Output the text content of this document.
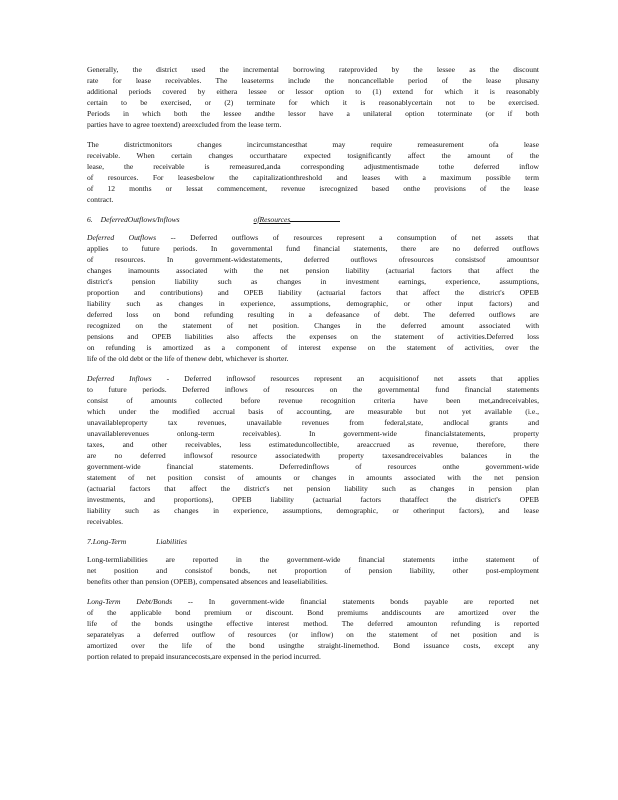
Generally, the district used the incremental borrowing rateprovided by the lessee as the discount
rate for lease receivables. The leaseterms include the noncancellable period of the lease plusany
additional periods covered by eithera lessee or lessor option to (1) extend for which it is reasonably
certain to be exercised, or (2) terminate for which it is reasonablycertain not to be exercised.
Periods in which both the lessee andthe lessor have a unilateral option toterminate (or if both
parties have to agree toextend) areexcluded from the lease term.
The districtmonitors changes incircumstancesthat may require remeasurement ofa lease
receivable. When certain changes occurthatare expected tosignificantly affect the amount of the
lease, the receivable is remeasured,anda corresponding adjustmentismade tothe deferred inflow
of resources. For leasesbelow the capitalizationthreshold and leases with a maximum possible term
of 12 months or lessat commencement, revenue isrecognized based onthe provisions of the lease
contract.
6. DeferredOutflows/Inflows	ofResources
Deferred Outflows -- Deferred outflows of resources represent a consumption of net assets that
applies to future periods. In governmental fund financial statements, there are no deferred outflows
of resources. In government-widestatements, deferred outflows ofresources consistsof amountsor
changes inamounts associated with the net pension liability (actuarial factors that affect the
district's pension liability such as changes in investment earnings, experience, assumptions,
proportion and contributions) and OPEB liability (actuarial factors that affect the district's OPEB
liability such as changes in experience, assumptions, demographic, or other input factors) and
deferred loss on bond refunding resulting in a defeasance of debt. The deferred outflows are
recognized on the statement of net position. Changes in the deferred amount associated with
pensions and OPEB liabilities also affects the expenses on the statement of activities.Deferred loss
on refunding is amortized as a component of interest expense on the statement of activities, over the
life of the old debt or the life of thenew debt, whichever is shorter.
Deferred Inflows - Deferred inflowsof resources represent an acquisitionof net assets that applies
to future periods. Deferred inflows of resources on the governmental fund financial statements
consist of amounts collected before revenue recognition criteria have been met,andreceivables,
which under the modified accrual basis of accounting, are measurable but not yet available (i.e.,
unavailableproperty tax revenues, unavailable revenues from federal,state, andlocal grants and
unavailablerevenues onlong-term receivables). In government-wide financialstatements, property
taxes, and other receivables, less estimateduncollectible, areaccrued as revenue, therefore, there
are no deferred inflowsof resource associatedwith property taxesandreceivables balances in the
government-wide financial statements. Deferredinflows of resources onthe government-wide
statement of net position consist of amounts or changes in amounts associated with the net pension
(actuarial factors that affect the district's net pension liability such as changes in pension plan
investments, and proportions), OPEB liability (actuarial factors thataffect the district's OPEB
liability such as changes in experience, assumptions, demographic, or otherinput factors), and lease
receivables.
7.Long-Term	Liabilities
Long-termliabilities are reported in the government-wide financial statements inthe statement of
net position and consistof bonds, net proportion of pension liability, other post-employment
benefits other than pension (OPEB), compensated absences and leaseliabilities.
Long-Term Debt/Bonds -- In government-wide financial statements bonds payable are reported net
of the applicable bond premium or discount. Bond premiums anddiscounts are amortized over the
life of the bonds usingthe effective interest method. The deferred amounton refunding is reported
separatelyas a deferred outflow of resources (or inflow) on the statement of net position and is
amortized over the life of the bond usingthe straight-linemethod. Bond issuance costs, except any
portion related to prepaid insurancecosts,are expensed in the period incurred.
